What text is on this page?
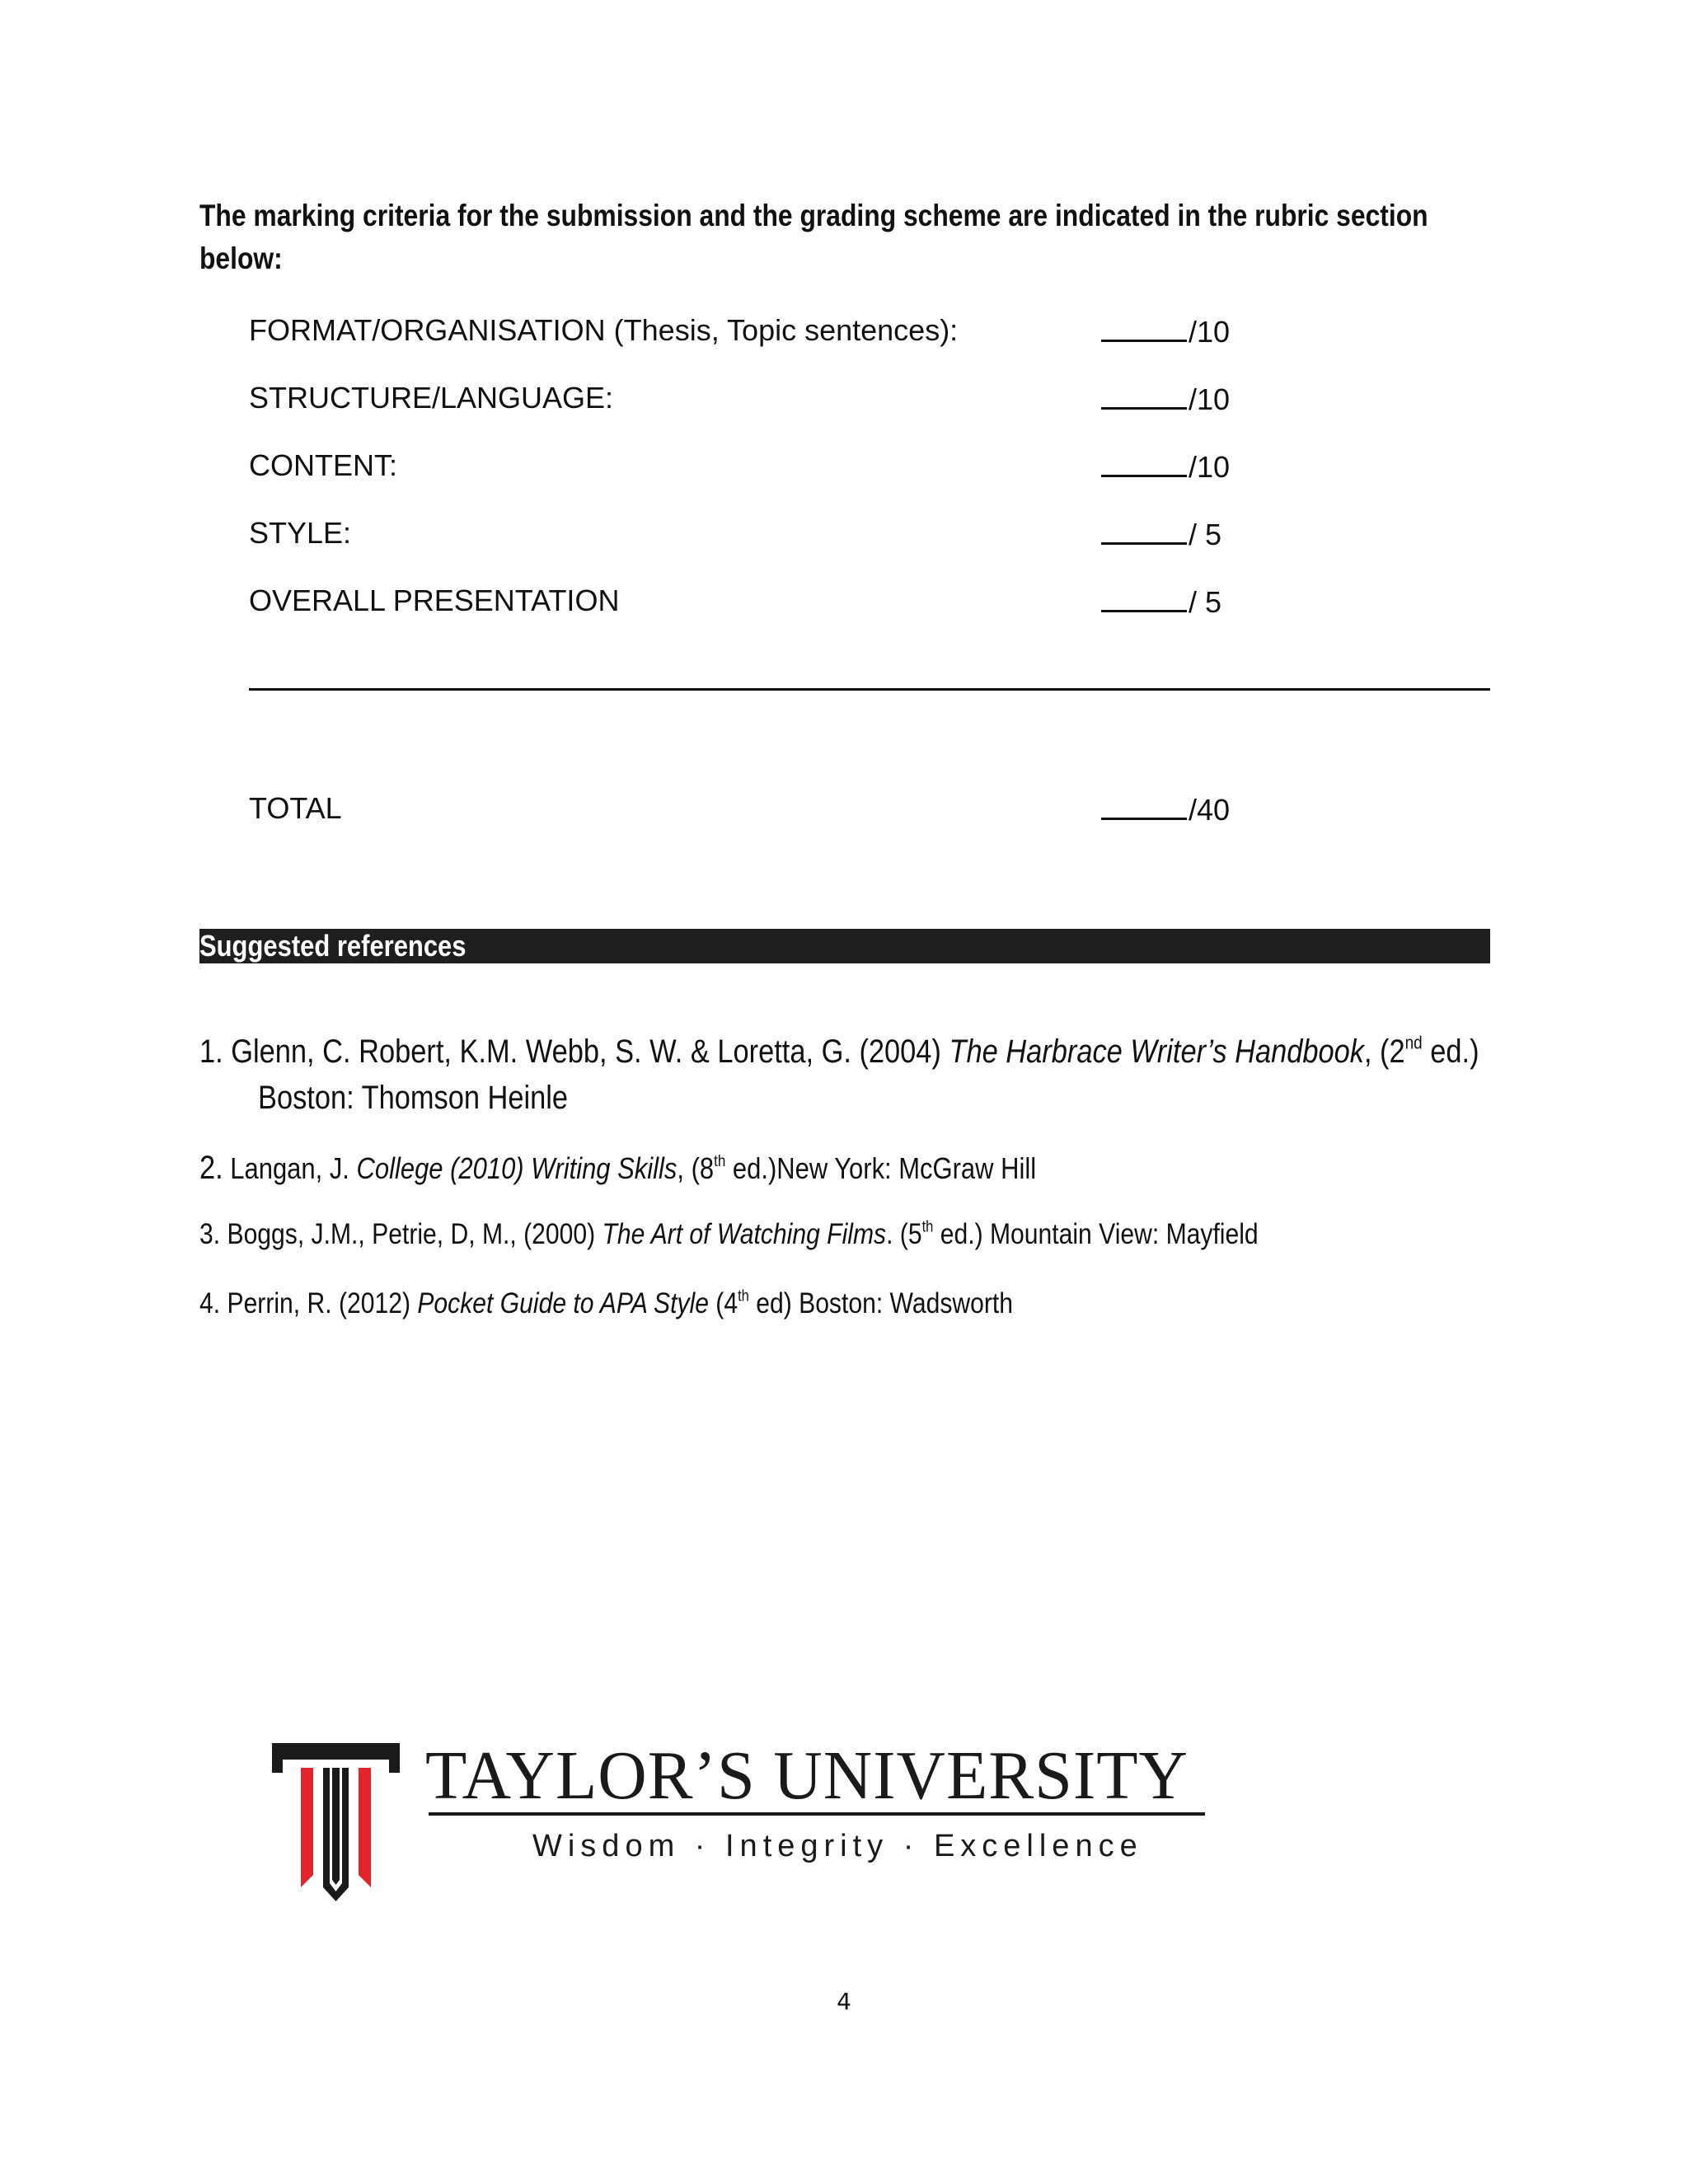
The marking criteria for the submission and the grading scheme are indicated in the rubric section below:
FORMAT/ORGANISATION (Thesis, Topic sentences):	/10
STRUCTURE/LANGUAGE:	/10
CONTENT:	/10
STYLE:	/ 5
OVERALL PRESENTATION	/ 5
TOTAL	/40
Suggested references
1. Glenn, C. Robert, K.M. Webb, S. W. & Loretta, G. (2004) The Harbrace Writer’s Handbook, (2nd ed.)
Boston: Thomson Heinle
2. Langan, J. College (2010) Writing Skills, (8th ed.)New York: McGraw Hill
3. Boggs, J.M., Petrie, D, M., (2000) The Art of Watching Films. (5th ed.) Mountain View: Mayfield
4. Perrin, R. (2012) Pocket Guide to APA Style (4th ed) Boston: Wadsworth
TAYLOR’S UNIVERSITY
Wisdom · Integrity · Excellence
4
